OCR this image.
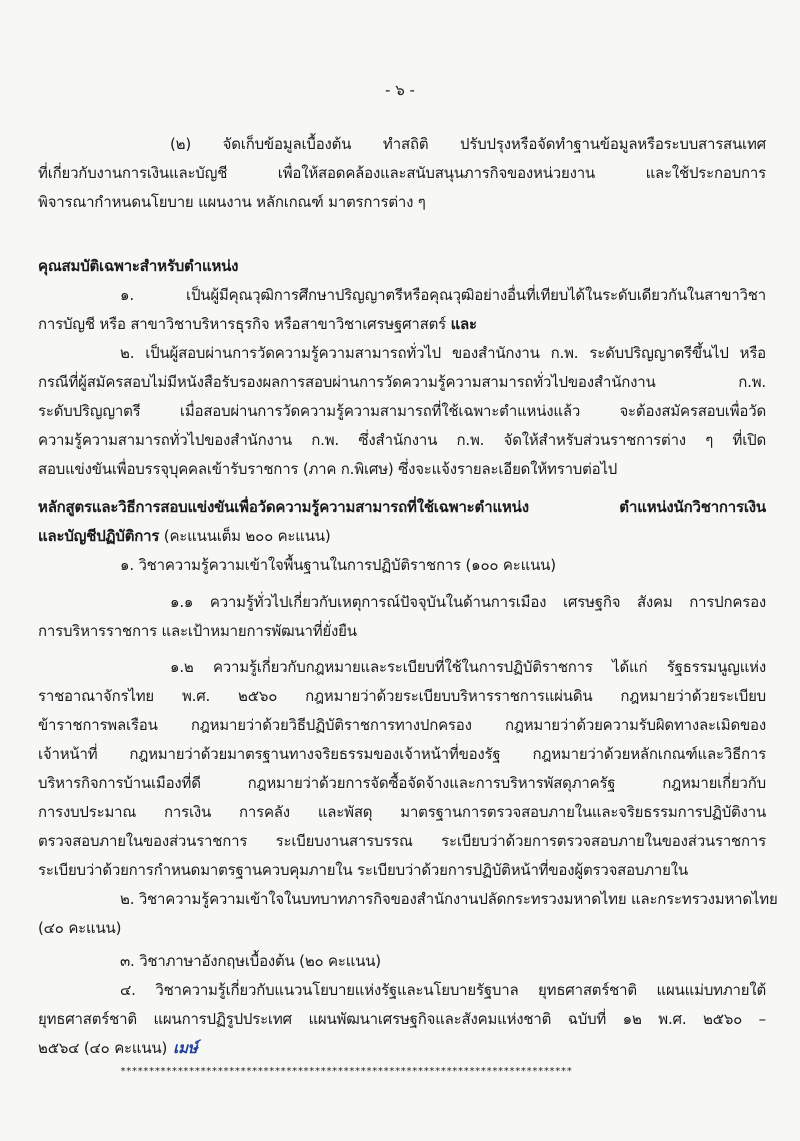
- ๖ -
(๒) จัดเก็บข้อมูลเบื้องต้น ทำสถิติ ปรับปรุงหรือจัดทำฐานข้อมูลหรือระบบสารสนเทศ
ที่เกี่ยวกับงานการเงินและบัญชี เพื่อให้สอดคล้องและสนับสนุนภารกิจของหน่วยงาน และใช้ประกอบการ
พิจารณากำหนดนโยบาย แผนงาน หลักเกณฑ์ มาตรการต่าง ๆ
คุณสมบัติเฉพาะสำหรับตำแหน่ง
๑. เป็นผู้มีคุณวุฒิการศึกษาปริญญาตรีหรือคุณวุฒิอย่างอื่นที่เทียบได้ในระดับเดียวกันในสาขาวิชา
การบัญชี หรือ สาขาวิชาบริหารธุรกิจ หรือสาขาวิชาเศรษฐศาสตร์ และ
๒. เป็นผู้สอบผ่านการวัดความรู้ความสามารถทั่วไป ของสำนักงาน ก.พ. ระดับปริญญาตรีขึ้นไป หรือ
กรณีที่ผู้สมัครสอบไม่มีหนังสือรับรองผลการสอบผ่านการวัดความรู้ความสามารถทั่วไปของสำนักงาน ก.พ.
ระดับปริญญาตรี เมื่อสอบผ่านการวัดความรู้ความสามารถที่ใช้เฉพาะตำแหน่งแล้ว จะต้องสมัครสอบเพื่อวัด
ความรู้ความสามารถทั่วไปของสำนักงาน ก.พ. ซึ่งสำนักงาน ก.พ. จัดให้สำหรับส่วนราชการต่าง ๆ ที่เปิด
สอบแข่งขันเพื่อบรรจุบุคคลเข้ารับราชการ (ภาค ก.พิเศษ) ซึ่งจะแจ้งรายละเอียดให้ทราบต่อไป
หลักสูตรและวิธีการสอบแข่งขันเพื่อวัดความรู้ความสามารถที่ใช้เฉพาะตำแหน่ง ตำแหน่งนักวิชาการเงิน
และบัญชีปฏิบัติการ (คะแนนเต็ม ๒๐๐ คะแนน)
๑. วิชาความรู้ความเข้าใจพื้นฐานในการปฏิบัติราชการ (๑๐๐ คะแนน)
๑.๑ ความรู้ทั่วไปเกี่ยวกับเหตุการณ์ปัจจุบันในด้านการเมือง เศรษฐกิจ สังคม การปกครอง
การบริหารราชการ และเป้าหมายการพัฒนาที่ยั่งยืน
๑.๒ ความรู้เกี่ยวกับกฎหมายและระเบียบที่ใช้ในการปฏิบัติราชการ ได้แก่ รัฐธรรมนูญแห่ง
ราชอาณาจักรไทย พ.ศ. ๒๕๖๐ กฎหมายว่าด้วยระเบียบบริหารราชการแผ่นดิน กฎหมายว่าด้วยระเบียบ
ข้าราชการพลเรือน กฎหมายว่าด้วยวิธีปฏิบัติราชการทางปกครอง กฎหมายว่าด้วยความรับผิดทางละเมิดของ
เจ้าหน้าที่ กฎหมายว่าด้วยมาตรฐานทางจริยธรรมของเจ้าหน้าที่ของรัฐ กฎหมายว่าด้วยหลักเกณฑ์และวิธีการ
บริหารกิจการบ้านเมืองที่ดี กฎหมายว่าด้วยการจัดซื้อจัดจ้างและการบริหารพัสดุภาครัฐ กฎหมายเกี่ยวกับ
การงบประมาณ การเงิน การคลัง และพัสดุ มาตรฐานการตรวจสอบภายในและจริยธรรมการปฏิบัติงาน
ตรวจสอบภายในของส่วนราชการ ระเบียบงานสารบรรณ ระเบียบว่าด้วยการตรวจสอบภายในของส่วนราชการ
ระเบียบว่าด้วยการกำหนดมาตรฐานควบคุมภายใน ระเบียบว่าด้วยการปฏิบัติหน้าที่ของผู้ตรวจสอบภายใน
๒. วิชาความรู้ความเข้าใจในบทบาทภารกิจของสำนักงานปลัดกระทรวงมหาดไทย และกระทรวงมหาดไทย
(๔๐ คะแนน)
๓. วิชาภาษาอังกฤษเบื้องต้น (๒๐ คะแนน)
๔. วิชาความรู้เกี่ยวกับแนวนโยบายแห่งรัฐและนโยบายรัฐบาล ยุทธศาสตร์ชาติ แผนแม่บทภายใต้
ยุทธศาสตร์ชาติ แผนการปฏิรูปประเทศ แผนพัฒนาเศรษฐกิจและสังคมแห่งชาติ ฉบับที่ ๑๒ พ.ศ. ๒๕๖๐ –
๒๕๖๔ (๔๐ คะแนน) เมษ์
*******************************************************************************
